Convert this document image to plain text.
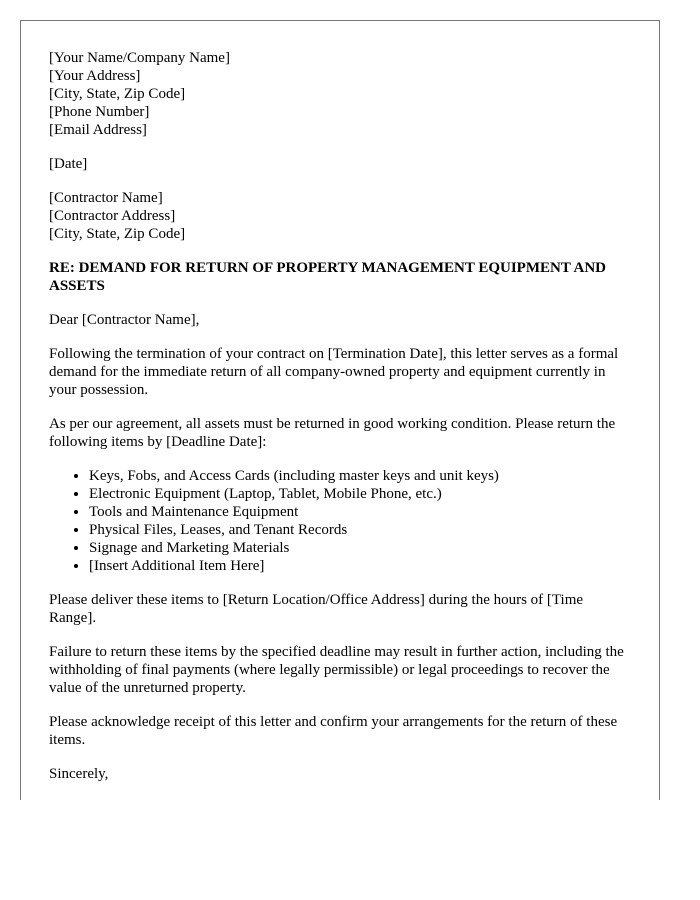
[Your Name/Company Name]
[Your Address]
[City, State, Zip Code]
[Phone Number]
[Email Address]
[Date]
[Contractor Name]
[Contractor Address]
[City, State, Zip Code]
RE: DEMAND FOR RETURN OF PROPERTY MANAGEMENT EQUIPMENT AND ASSETS

Dear [Contractor Name],

Following the termination of your contract on [Termination Date], this letter serves as a formal demand for the immediate return of all company-owned property and equipment currently in your possession.

As per our agreement, all assets must be returned in good working condition. Please return the following items by [Deadline Date]:

• Keys, Fobs, and Access Cards (including master keys and unit keys)
• Electronic Equipment (Laptop, Tablet, Mobile Phone, etc.)
• Tools and Maintenance Equipment
• Physical Files, Leases, and Tenant Records
• Signage and Marketing Materials
• [Insert Additional Item Here]

Please deliver these items to [Return Location/Office Address] during the hours of [Time Range].

Failure to return these items by the specified deadline may result in further action, including the withholding of final payments (where legally permissible) or legal proceedings to recover the value of the unreturned property.

Please acknowledge receipt of this letter and confirm your arrangements for the return of these items.

Sincerely,
